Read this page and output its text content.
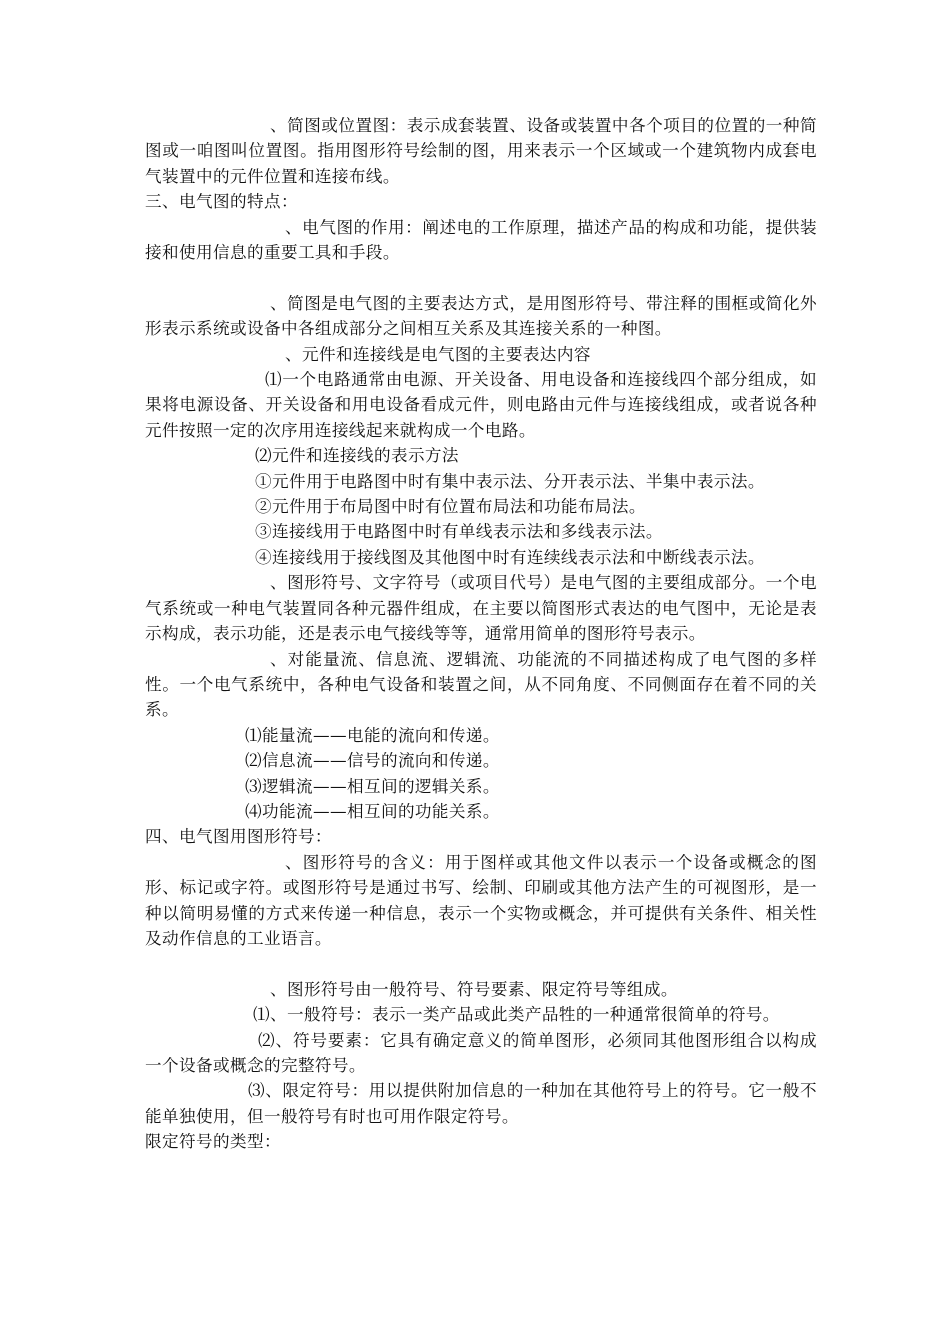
、简图或位置图：表示成套装置、设备或装置中各个项目的位置的一种简图或一咱图叫位置图。指用图形符号绘制的图，用来表示一个区域或一个建筑物内成套电气装置中的元件位置和连接布线。

三、电气图的特点：

、电气图的作用：阐述电的工作原理，描述产品的构成和功能，提供装接和使用信息的重要工具和手段。

、简图是电气图的主要表达方式，是用图形符号、带注释的围框或简化外形表示系统或设备中各组成部分之间相互关系及其连接关系的一种图。

、元件和连接线是电气图的主要表达内容

⑴一个电路通常由电源、开关设备、用电设备和连接线四个部分组成，如果将电源设备、开关设备和用电设备看成元件，则电路由元件与连接线组成，或者说各种元件按照一定的次序用连接线起来就构成一个电路。

⑵元件和连接线的表示方法

①元件用于电路图中时有集中表示法、分开表示法、半集中表示法。

②元件用于布局图中时有位置布局法和功能布局法。

③连接线用于电路图中时有单线表示法和多线表示法。

④连接线用于接线图及其他图中时有连续线表示法和中断线表示法。

、图形符号、文字符号（或项目代号）是电气图的主要组成部分。一个电气系统或一种电气装置同各种元器件组成，在主要以简图形式表达的电气图中，无论是表示构成，表示功能，还是表示电气接线等等，通常用简单的图形符号表示。

、对能量流、信息流、逻辑流、功能流的不同描述构成了电气图的多样性。一个电气系统中，各种电气设备和装置之间，从不同角度、不同侧面存在着不同的关系。

⑴能量流——电能的流向和传递。

⑵信息流——信号的流向和传递。

⑶逻辑流——相互间的逻辑关系。

⑷功能流——相互间的功能关系。

四、电气图用图形符号：

、图形符号的含义：用于图样或其他文件以表示一个设备或概念的图形、标记或字符。或图形符号是通过书写、绘制、印刷或其他方法产生的可视图形，是一种以简明易懂的方式来传递一种信息，表示一个实物或概念，并可提供有关条件、相关性及动作信息的工业语言。

、图形符号由一般符号、符号要素、限定符号等组成。

⑴、一般符号：表示一类产品或此类产品牲的一种通常很简单的符号。

⑵、符号要素：它具有确定意义的简单图形，必须同其他图形组合以构成一个设备或概念的完整符号。

⑶、限定符号：用以提供附加信息的一种加在其他符号上的符号。它一般不能单独使用，但一般符号有时也可用作限定符号。

限定符号的类型：
